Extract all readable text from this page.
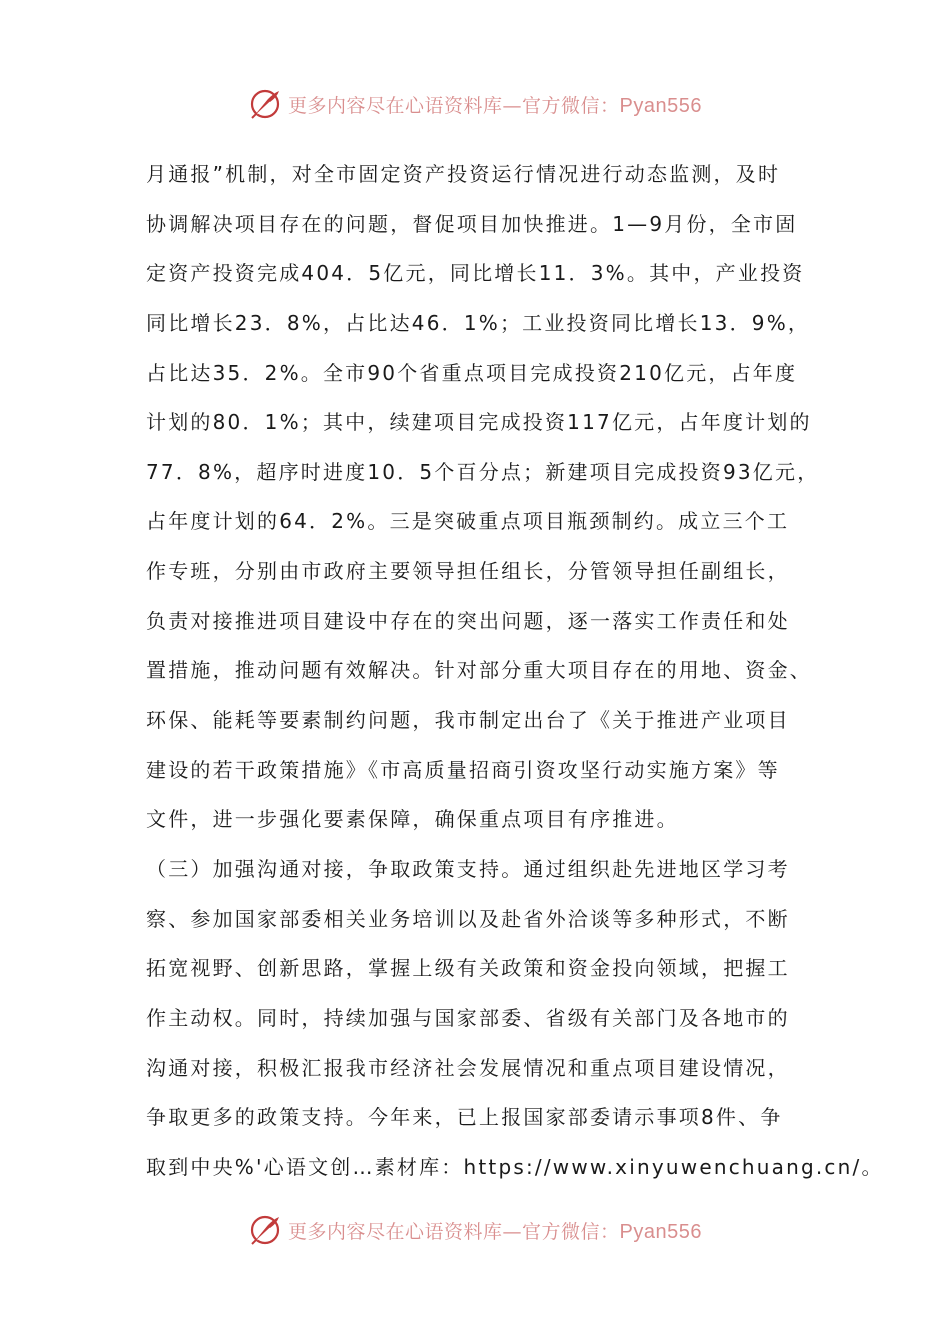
更多内容尽在心语资料库—官方微信：Pyan556
月通报”机制，对全市固定资产投资运行情况进行动态监测，及时
协调解决项目存在的问题，督促项目加快推进。1—9月份，全市固
定资产投资完成404．5亿元，同比增长11．3%。其中，产业投资
同比增长23．8%，占比达46．1%；工业投资同比增长13．9%，
占比达35．2%。全市90个省重点项目完成投资210亿元，占年度
计划的80．1%；其中，续建项目完成投资117亿元，占年度计划的
77．8%，超序时进度10．5个百分点；新建项目完成投资93亿元，
占年度计划的64．2%。三是突破重点项目瓶颈制约。成立三个工
作专班，分别由市政府主要领导担任组长，分管领导担任副组长，
负责对接推进项目建设中存在的突出问题，逐一落实工作责任和处
置措施，推动问题有效解决。针对部分重大项目存在的用地、资金、
环保、能耗等要素制约问题，我市制定出台了《关于推进产业项目
建设的若干政策措施》《市高质量招商引资攻坚行动实施方案》等
文件，进一步强化要素保障，确保重点项目有序推进。
（三）加强沟通对接，争取政策支持。通过组织赴先进地区学习考
察、参加国家部委相关业务培训以及赴省外洽谈等多种形式，不断
拓宽视野、创新思路，掌握上级有关政策和资金投向领域，把握工
作主动权。同时，持续加强与国家部委、省级有关部门及各地市的
沟通对接，积极汇报我市经济社会发展情况和重点项目建设情况，
争取更多的政策支持。今年来，已上报国家部委请示事项8件、争
取到中央%'心语文创…素材库：https://www.xinyuwenchuang.cn/。
更多内容尽在心语资料库—官方微信：Pyan556
